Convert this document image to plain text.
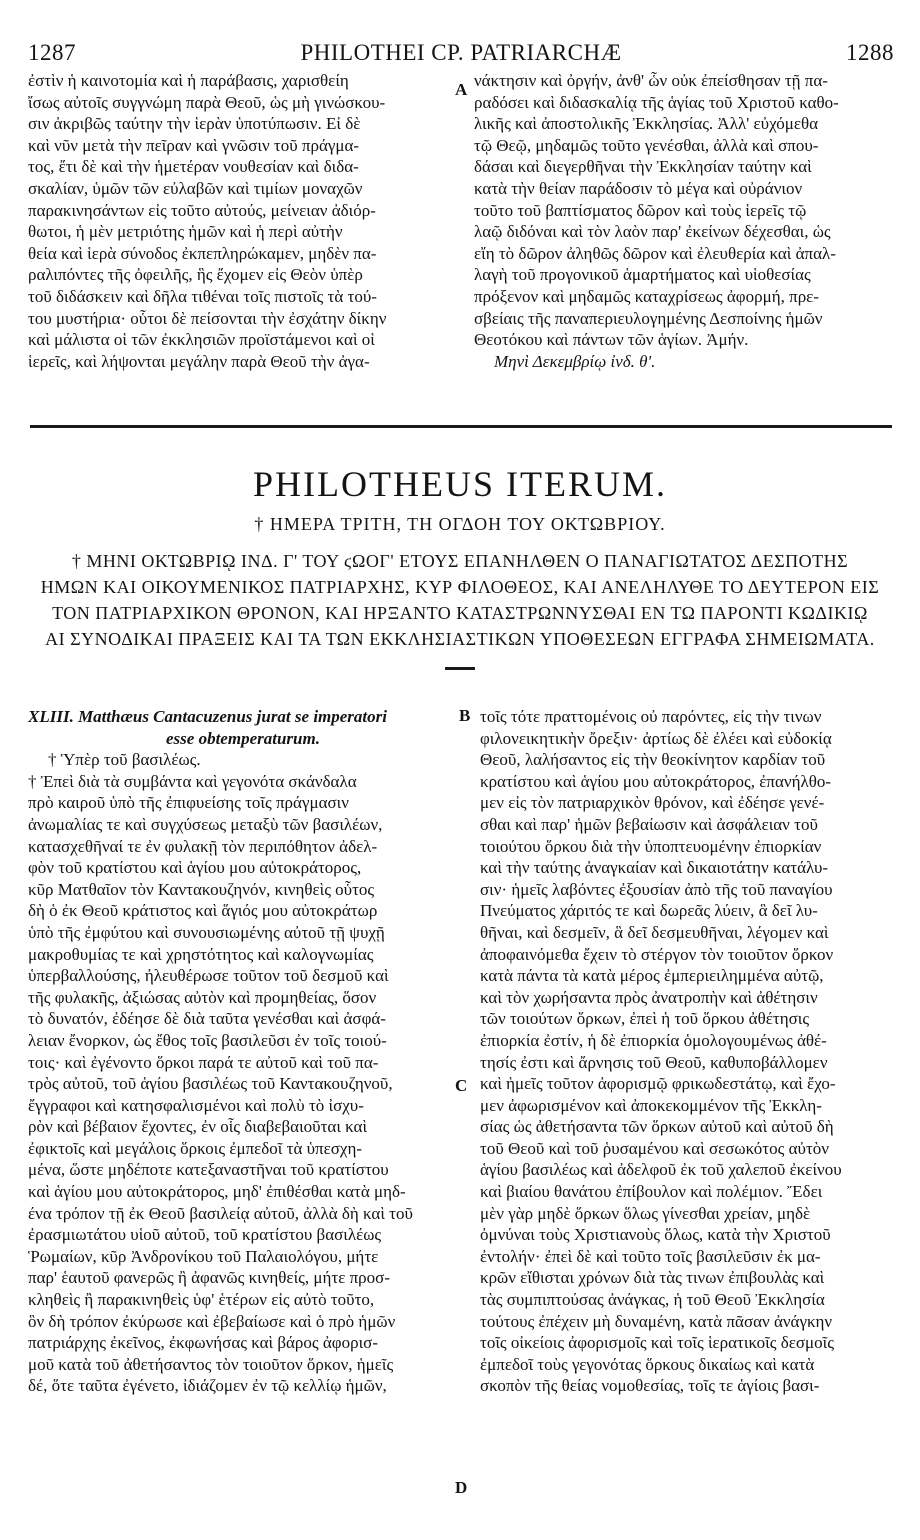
1287	PHILOTHEI CP. PATRIARCHÆ	1288
ἐστὶν ἡ καινοτομία καὶ ἡ παράβασις, χαρισθείη
ἴσως αὐτοῖς συγγνώμη παρὰ Θεοῦ, ὡς μὴ γινώσκου-
σιν ἀκριβῶς ταύτην τὴν ἱερὰν ὑποτύπωσιν. Εἰ δὲ
καὶ νῦν μετὰ τὴν πεῖραν καὶ γνῶσιν τοῦ πράγμα-
τος, ἔτι δὲ καὶ τὴν ἡμετέραν νουθεσίαν καὶ διδα-
σκαλίαν, ὑμῶν τῶν εὐλαβῶν καὶ τιμίων μοναχῶν
παρακινησάντων εἰς τοῦτο αὐτούς, μείνειαν ἀδιόρ-
θωτοι, ἡ μὲν μετριότης ἡμῶν καὶ ἡ περὶ αὐτὴν
θεία καὶ ἱερὰ σύνοδος ἐκπεπληρώκαμεν, μηδὲν πα-
ραλιπόντες τῆς ὀφειλῆς, ἣς ἔχομεν εἰς Θεὸν ὑπὲρ
τοῦ διδάσκειν καὶ δῆλα τιθέναι τοῖς πιστοῖς τὰ τού-
του μυστήρια· οὗτοι δὲ πείσονται τὴν ἐσχάτην δίκην
καὶ μάλιστα οἱ τῶν ἐκκλησιῶν προϊστάμενοι καὶ οἱ
ἱερεῖς, καὶ λήψονται μεγάλην παρὰ Θεοῦ τὴν ἀγα-
A νάκτησιν καὶ ὀργήν, ἀνθ' ὧν οὐκ ἐπείσθησαν τῇ πα-
ραδόσει καὶ διδασκαλίᾳ τῆς ἁγίας τοῦ Χριστοῦ καθο-
λικῆς καὶ ἀποστολικῆς Ἐκκλησίας. Ἀλλ' εὐχόμεθα
τῷ Θεῷ, μηδαμῶς τοῦτο γενέσθαι, ἀλλὰ καὶ σπου-
δάσαι καὶ διεγερθῆναι τὴν Ἐκκλησίαν ταύτην καὶ
κατὰ τὴν θείαν παράδοσιν τὸ μέγα καὶ οὐράνιον
τοῦτο τοῦ βαπτίσματος δῶρον καὶ τοὺς ἱερεῖς τῷ
λαῷ διδόναι καὶ τὸν λαὸν παρ' ἐκείνων δέχεσθαι, ὡς
εἴη τὸ δῶρον ἀληθῶς δῶρον καὶ ἐλευθερία καὶ ἀπαλ-
λαγὴ τοῦ προγονικοῦ ἁμαρτήματος καὶ υἱοθεσίας
πρόξενον καὶ μηδαμῶς καταχρίσεως ἀφορμή, πρε-
σβείαις τῆς παναπεριευλογημένης Δεσποίνης ἡμῶν
Θεοτόκου καὶ πάντων τῶν ἁγίων. Ἀμήν.
Μηνὶ Δεκεμβρίῳ ἰνδ. θ'.
PHILOTHEUS ITERUM.
† ΗΜΕΡΑ ΤΡΙΤΗ, ΤΗ ΟΓΔΟΗ ΤΟΥ ΟΚΤΩΒΡΙΟΥ.
† ΜΗΝΙ ΟΚΤΩΒΡΙῼ ΙΝΔ. Γ' ΤΟΥ ϛΩΟΓ' ΕΤΟΥΣ ΕΠΑΝΗΛΘΕΝ Ο ΠΑΝΑΓΙΩΤΑΤΟΣ ΔΕΣΠΟΤΗΣ
ΗΜΩΝ ΚΑΙ ΟΙΚΟΥΜΕΝΙΚΟΣ ΠΑΤΡΙΑΡΧΗΣ, ΚΥΡ ΦΙΛΟΘΕΟΣ, ΚΑΙ ΑΝΕΛΗΛΥΘΕ ΤΟ ΔΕΥΤΕΡΟΝ ΕΙΣ
ΤΟΝ ΠΑΤΡΙΑΡΧΙΚΟΝ ΘΡΟΝΟΝ, ΚΑΙ ΗΡΞΑΝΤΟ ΚΑΤΑΣΤΡΩΝΝΥΣΘΑΙ ΕΝ ΤΩ ΠΑΡΟΝΤΙ ΚΩΔΙΚΙῼ
ΑΙ ΣΥΝΟΔΙΚΑΙ ΠΡΑΞΕΙΣ ΚΑΙ ΤΑ ΤΩΝ ΕΚΚΛΗΣΙΑΣΤΙΚΩΝ ΥΠΟΘΕΣΕΩΝ ΕΓΓΡΑΦΑ ΣΗΜΕΙΩΜΑΤΑ.
XLIII. Matthæus Cantacuzenus jurat se imperatori
esse obtemperaturum.
† Ὑπὲρ τοῦ βασιλέως.
† Ἐπεὶ διὰ τὰ συμβάντα καὶ γεγονότα σκάνδαλα
πρὸ καιροῦ ὑπὸ τῆς ἐπιφυείσης τοῖς πράγμασιν
ἀνωμαλίας τε καὶ συγχύσεως μεταξὺ τῶν βασιλέων,
κατασχεθῆναί τε ἐν φυλακῇ τὸν περιπόθητον ἀδελ-
φὸν τοῦ κρατίστου καὶ ἁγίου μου αὐτοκράτορος,
κῦρ Ματθαῖον τὸν Καντακουζηνόν, κινηθεὶς οὗτος
δὴ ὁ ἐκ Θεοῦ κράτιστος καὶ ἅγιός μου αὐτοκράτωρ
ὑπὸ τῆς ἐμφύτου καὶ συνουσιωμένης αὐτοῦ τῇ ψυχῇ
μακροθυμίας τε καὶ χρηστότητος καὶ καλογνωμίας
ὑπερβαλλούσης, ἠλευθέρωσε τοῦτον τοῦ δεσμοῦ καὶ
τῆς φυλακῆς, ἀξιώσας αὐτὸν καὶ προμηθείας, ὅσον
τὸ δυνατόν, ἐδέησε δὲ διὰ ταῦτα γενέσθαι καὶ ἀσφά-
λειαν ἔνορκον, ὡς ἔθος τοῖς βασιλεῦσι ἐν τοῖς τοιού-
τοις· καὶ ἐγένοντο ὅρκοι παρά τε αὐτοῦ καὶ τοῦ πα-
τρὸς αὐτοῦ, τοῦ ἁγίου βασιλέως τοῦ Καντακουζηνοῦ,
ἔγγραφοι καὶ κατησφαλισμένοι καὶ πολὺ τὸ ἰσχυ-
ρὸν καὶ βέβαιον ἔχοντες, ἐν οἷς διαβεβαιοῦται καὶ
ἐφικτοῖς καὶ μεγάλοις ὅρκοις ἐμπεδοῖ τὰ ὑπεσχη-
μένα, ὥστε μηδέποτε κατεξαναστῆναι τοῦ κρατίστου
καὶ ἁγίου μου αὐτοκράτορος, μηδ' ἐπιθέσθαι κατὰ μηδ-
ένα τρόπον τῇ ἐκ Θεοῦ βασιλείᾳ αὐτοῦ, ἀλλὰ δὴ καὶ τοῦ
ἐρασμιωτάτου υἱοῦ αὐτοῦ, τοῦ κρατίστου βασιλέως
Ῥωμαίων, κῦρ Ἀνδρονίκου τοῦ Παλαιολόγου, μήτε
παρ' ἑαυτοῦ φανερῶς ἢ ἀφανῶς κινηθείς, μήτε προσ-
κληθεὶς ἢ παρακινηθεὶς ὑφ' ἑτέρων εἰς αὐτὸ τοῦτο,
ὃν δὴ τρόπον ἐκύρωσε καὶ ἐβεβαίωσε καὶ ὁ πρὸ ἡμῶν
πατριάρχης ἐκεῖνος, ἐκφωνήσας καὶ βάρος ἀφορισ-
μοῦ κατὰ τοῦ ἀθετήσαντος τὸν τοιοῦτον ὅρκον, ἡμεῖς
δέ, ὅτε ταῦτα ἐγένετο, ἰδιάζομεν ἐν τῷ κελλίῳ ἡμῶν,
B
C
D
τοῖς τότε πραττομένοις οὐ παρόντες, εἰς τὴν τινων
φιλονεικητικὴν ὄρεξιν· ἀρτίως δὲ ἐλέει καὶ εὐδοκίᾳ
Θεοῦ, λαλήσαντος εἰς τὴν θεοκίνητον καρδίαν τοῦ
κρατίστου καὶ ἁγίου μου αὐτοκράτορος, ἐπανήλθο-
μεν εἰς τὸν πατριαρχικὸν θρόνον, καὶ ἐδέησε γενέ-
σθαι καὶ παρ' ἡμῶν βεβαίωσιν καὶ ἀσφάλειαν τοῦ
τοιούτου ὅρκου διὰ τὴν ὑποπτευομένην ἐπιορκίαν
καὶ τὴν ταύτης ἀναγκαίαν καὶ δικαιοτάτην κατάλυ-
σιν· ἡμεῖς λαβόντες ἐξουσίαν ἀπὸ τῆς τοῦ παναγίου
Πνεύματος χάριτός τε καὶ δωρεᾶς λύειν, ἃ δεῖ λυ-
θῆναι, καὶ δεσμεῖν, ἃ δεῖ δεσμευθῆναι, λέγομεν καὶ
ἀποφαινόμεθα ἔχειν τὸ στέργον τὸν τοιοῦτον ὅρκον
κατὰ πάντα τὰ κατὰ μέρος ἐμπεριειλημμένα αὐτῷ,
καὶ τὸν χωρήσαντα πρὸς ἀνατροπὴν καὶ ἀθέτησιν
τῶν τοιούτων ὅρκων, ἐπεὶ ἡ τοῦ ὅρκου ἀθέτησις
ἐπιορκία ἐστίν, ἡ δὲ ἐπιορκία ὁμολογουμένως ἀθέ-
τησίς ἐστι καὶ ἄρνησις τοῦ Θεοῦ, καθυποβάλλομεν
καὶ ἡμεῖς τοῦτον ἀφορισμῷ φρικωδεστάτῳ, καὶ ἔχο-
μεν ἀφωρισμένον καὶ ἀποκεκομμένον τῆς Ἐκκλη-
σίας ὡς ἀθετήσαντα τῶν ὅρκων αὐτοῦ καὶ αὐτοῦ δὴ
τοῦ Θεοῦ καὶ τοῦ ῥυσαμένου καὶ σεσωκότος αὐτὸν
ἁγίου βασιλέως καὶ ἀδελφοῦ ἐκ τοῦ χαλεποῦ ἐκείνου
καὶ βιαίου θανάτου ἐπίβουλον καὶ πολέμιον. Ἔδει
μὲν γὰρ μηδὲ ὅρκων ὅλως γίνεσθαι χρείαν, μηδὲ
ὀμνύναι τοὺς Χριστιανοὺς ὅλως, κατὰ τὴν Χριστοῦ
ἐντολήν· ἐπεὶ δὲ καὶ τοῦτο τοῖς βασιλεῦσιν ἐκ μα-
κρῶν εἴθισται χρόνων διὰ τὰς τινων ἐπιβουλὰς καὶ
τὰς συμπιπτούσας ἀνάγκας, ἡ τοῦ Θεοῦ Ἐκκλησία
τούτους ἐπέχειν μὴ δυναμένη, κατὰ πᾶσαν ἀνάγκην
τοῖς οἰκείοις ἀφορισμοῖς καὶ τοῖς ἱερατικοῖς δεσμοῖς
ἐμπεδοῖ τοὺς γεγονότας ὅρκους δικαίως καὶ κατὰ
σκοπὸν τῆς θείας νομοθεσίας, τοῖς τε ἁγίοις βασι-
